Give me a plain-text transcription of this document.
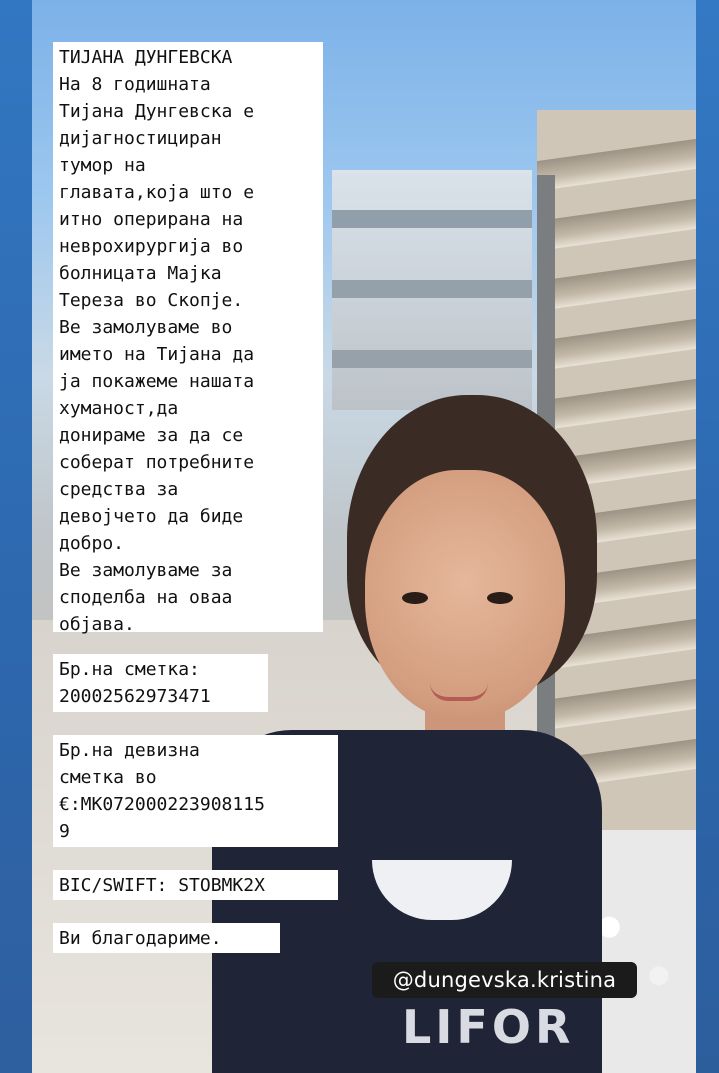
LIFOR
ТИЈАНА ДУНГЕВСКА
На 8 годишната
Тијана Дунгевска е
дијагностициран
тумор на
главата,која што е
итно оперирана на
неврохирургија во
болницата Мајка
Тереза во Скопје.
Ве замолуваме во
името на Тијана да
ја покажеме нашата
хуманост,да
донираме за да се
соберат потребните
средства за
девојчето да биде
добро.
Ве замолуваме за
споделба на оваа
објава.
Бр.на сметка:
20002562973471
Бр.на девизна
сметка во
€:MK072000223908115
9
BIC/SWIFT: STOBMK2X
Ви благодариме.
@dungevska.kristina
